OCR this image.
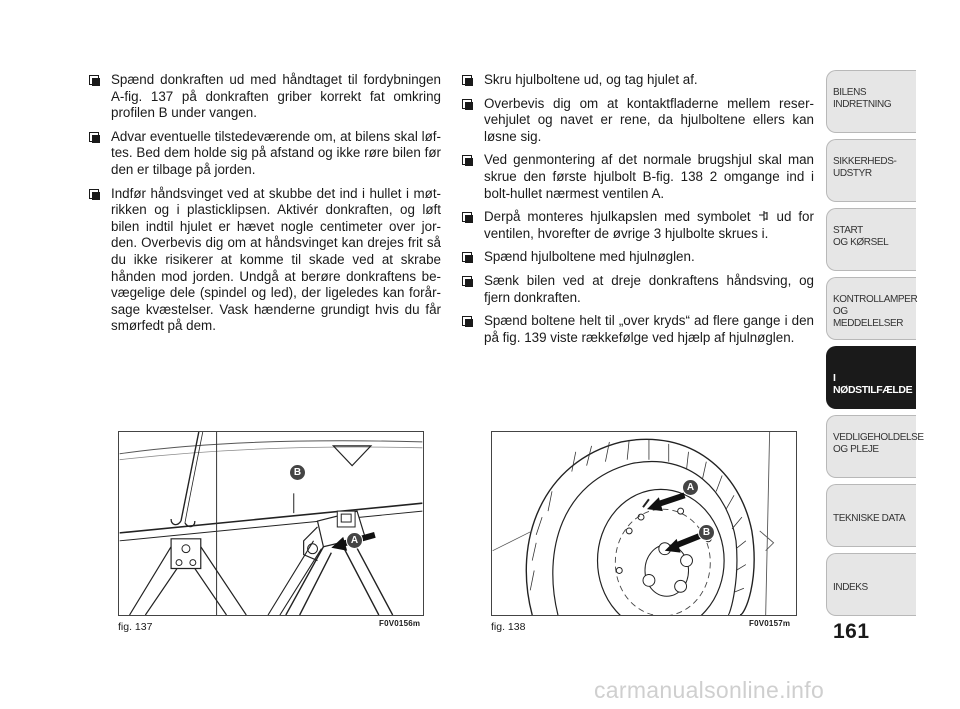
Spænd donkraften ud med håndtaget til fordybningen A-fig. 137 på donkraften griber korrekt fat omkring profilen B under vangen.
Advar eventuelle tilstedeværende om, at bilens skal løf-tes. Bed dem holde sig på afstand og ikke røre bilen før den er tilbage på jorden.
Indfør håndsvinget ved at skubbe det ind i hullet i møt-rikken og i plasticklipsen. Aktivér donkraften, og løft bilen indtil hjulet er hævet nogle centimeter over jor-den. Overbevis dig om at håndsvinget kan drejes frit så du ikke risikerer at komme til skade ved at skrabe hånden mod jorden. Undgå at berøre donkraftens be-vægelige dele (spindel og led), der ligeledes kan forår-sage kvæstelser. Vask hænderne grundigt hvis du får smørfedt på dem.
Skru hjulboltene ud, og tag hjulet af.
Overbevis dig om at kontaktfladerne mellem reser-vehjulet og navet er rene, da hjulboltene ellers kan løsne sig.
Ved genmontering af det normale brugshjul skal man skrue den første hjulbolt B-fig. 138 2 omgange ind i bolt-hullet nærmest ventilen A.
Derpå monteres hjulkapslen med symbolet ud for ventilen, hvorefter de øvrige 3 hjulbolte skrues i.
Spænd hjulboltene med hjulnøglen.
Sænk bilen ved at dreje donkraftens håndsving, og fjern donkraften.
Spænd boltene helt til „over kryds“ ad flere gange i den på fig. 139 viste rækkefølge ved hjælp af hjulnøglen.
B
A
fig. 137	F0V0156m
A
B
fig. 138	F0V0157m
BILENS
INDRETNING
SIKKERHEDS-
UDSTYR
START
OG KØRSEL
KONTROLLAMPER
OG MEDDELELSER
I NØDSTILFÆLDE
VEDLIGEHOLDELSE
OG PLEJE
TEKNISKE DATA
INDEKS
161
carmanualsonline.info
